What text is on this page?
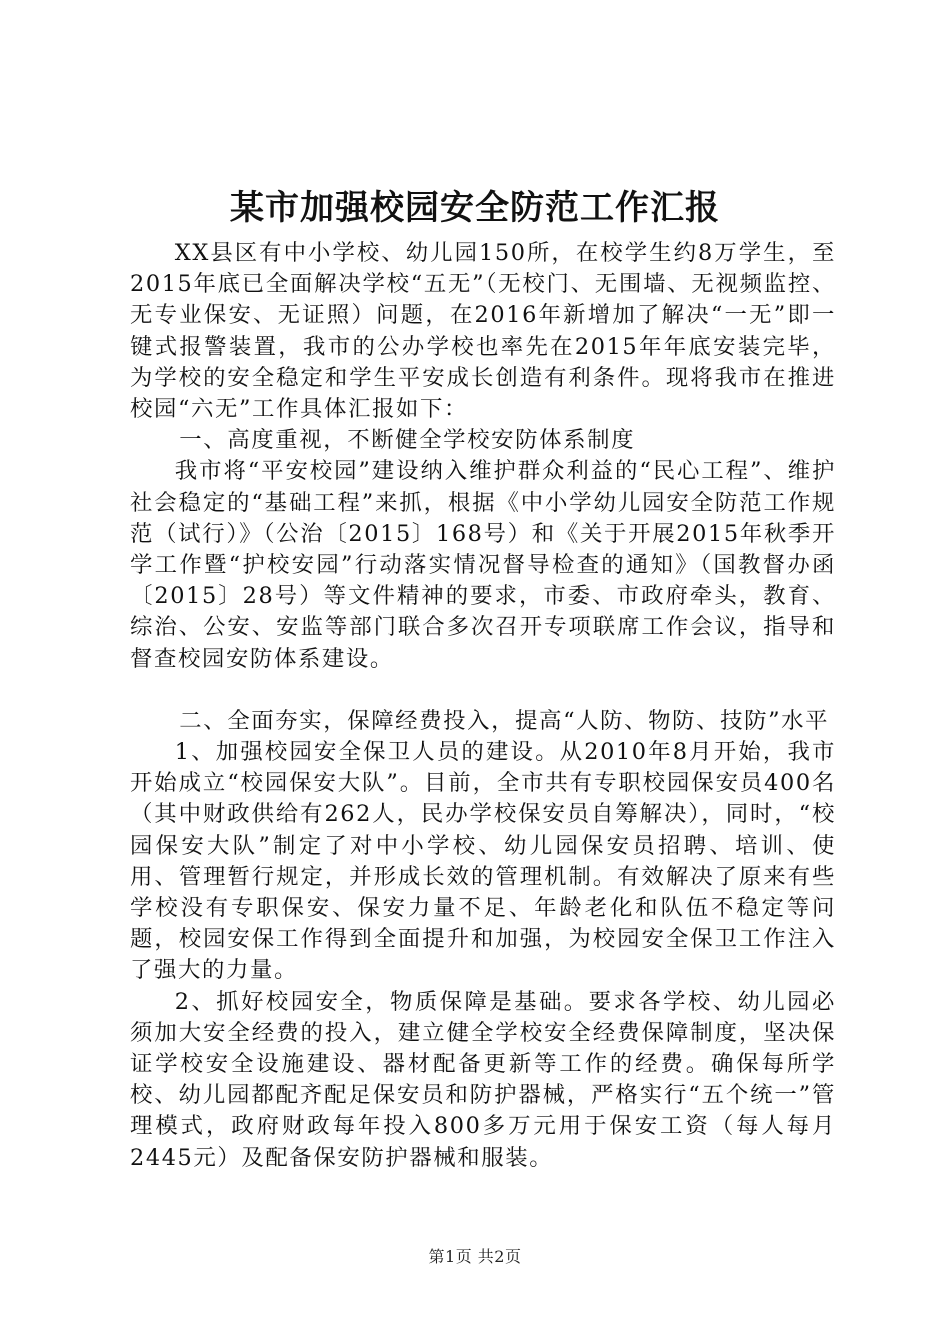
某市加强校园安全防范工作汇报

XX县区有中小学校、幼儿园150所，在校学生约8万学生，至2015年底已全面解决学校“五无”（无校门、无围墙、无视频监控、无专业保安、无证照）问题，在2016年新增加了解决“一无”即一键式报警装置，我市的公办学校也率先在2015年年底安装完毕，为学校的安全稳定和学生平安成长创造有利条件。现将我市在推进校园“六无”工作具体汇报如下：

一、高度重视，不断健全学校安防体系制度

我市将“平安校园”建设纳入维护群众利益的“民心工程”、维护社会稳定的“基础工程”来抓，根据《中小学幼儿园安全防范工作规范（试行）》（公治〔2015〕168号）和《关于开展2015年秋季开学工作暨“护校安园”行动落实情况督导检查的通知》（国教督办函〔2015〕28号）等文件精神的要求，市委、市政府牵头，教育、综治、公安、安监等部门联合多次召开专项联席工作会议，指导和督查校园安防体系建设。

二、全面夯实，保障经费投入，提高“人防、物防、技防”水平

1、加强校园安全保卫人员的建设。从2010年8月开始，我市开始成立“校园保安大队”。目前，全市共有专职校园保安员400名（其中财政供给有262人，民办学校保安员自筹解决），同时，“校园保安大队”制定了对中小学校、幼儿园保安员招聘、培训、使用、管理暂行规定，并形成长效的管理机制。有效解决了原来有些学校没有专职保安、保安力量不足、年龄老化和队伍不稳定等问题，校园安保工作得到全面提升和加强，为校园安全保卫工作注入了强大的力量。

2、抓好校园安全，物质保障是基础。要求各学校、幼儿园必须加大安全经费的投入，建立健全学校安全经费保障制度，坚决保证学校安全设施建设、器材配备更新等工作的经费。确保每所学校、幼儿园都配齐配足保安员和防护器械，严格实行“五个统一”管理模式，政府财政每年投入800多万元用于保安工资（每人每月2445元）及配备保安防护器械和服装。

第1页 共2页
